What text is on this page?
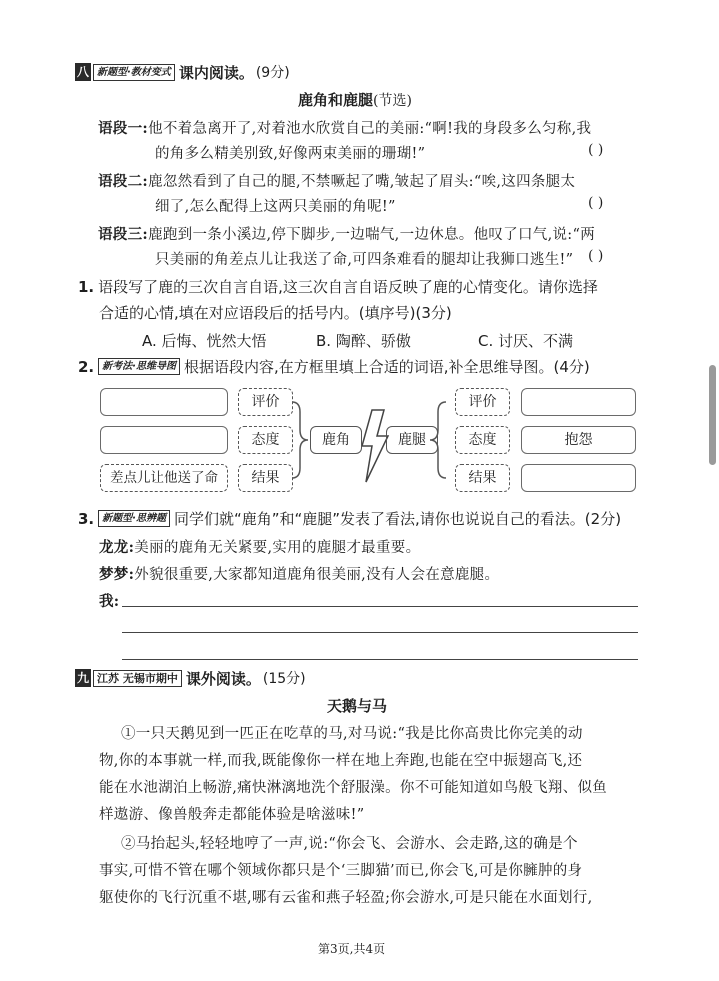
八 新题型·教材变式 课内阅读。 (9分)
鹿角和鹿腿(节选)
语段一:他不着急离开了,对着池水欣赏自己的美丽:“啊!我的身段多么匀称,我
的角多么精美别致,好像两束美丽的珊瑚!”	( )
语段二:鹿忽然看到了自己的腿,不禁噘起了嘴,皱起了眉头:“唉,这四条腿太
细了,怎么配得上这两只美丽的角呢!”	( )
语段三:鹿跑到一条小溪边,停下脚步,一边喘气,一边休息。他叹了口气,说:“两
只美丽的角差点儿让我送了命,可四条难看的腿却让我狮口逃生!” ( )
1. 语段写了鹿的三次自言自语,这三次自言自语反映了鹿的心情变化。请你选择
合适的心情,填在对应语段后的括号内。(填序号)(3分)
A. 后悔、恍然大悟	B. 陶醉、骄傲	C. 讨厌、不满
2. 新考法·思维导图 根据语段内容,在方框里填上合适的词语,补全思维导图。(4分)
差点儿让他送了命
评价
态度
结果
鹿角	鹿腿
评价
态度
结果
抱怨
3. 新题型·思辨题 同学们就“鹿角”和“鹿腿”发表了看法,请你也说说自己的看法。(2分)
龙龙:美丽的鹿角无关紧要,实用的鹿腿才最重要。
梦梦:外貌很重要,大家都知道鹿角很美丽,没有人会在意鹿腿。
我:
九 江苏 无锡市期中 课外阅读。 (15分)
天鹅与马
①一只天鹅见到一匹正在吃草的马,对马说:“我是比你高贵比你完美的动
物,你的本事就一样,而我,既能像你一样在地上奔跑,也能在空中振翅高飞,还
能在水池湖泊上畅游,痛快淋漓地洗个舒服澡。你不可能知道如鸟般飞翔、似鱼
样遨游、像兽般奔走都能体验是啥滋味!”
②马抬起头,轻轻地哼了一声,说:“你会飞、会游水、会走路,这的确是个
事实,可惜不管在哪个领域你都只是个‘三脚猫’而已,你会飞,可是你臃肿的身
躯使你的飞行沉重不堪,哪有云雀和燕子轻盈;你会游水,可是只能在水面划行,
第3页,共4页
